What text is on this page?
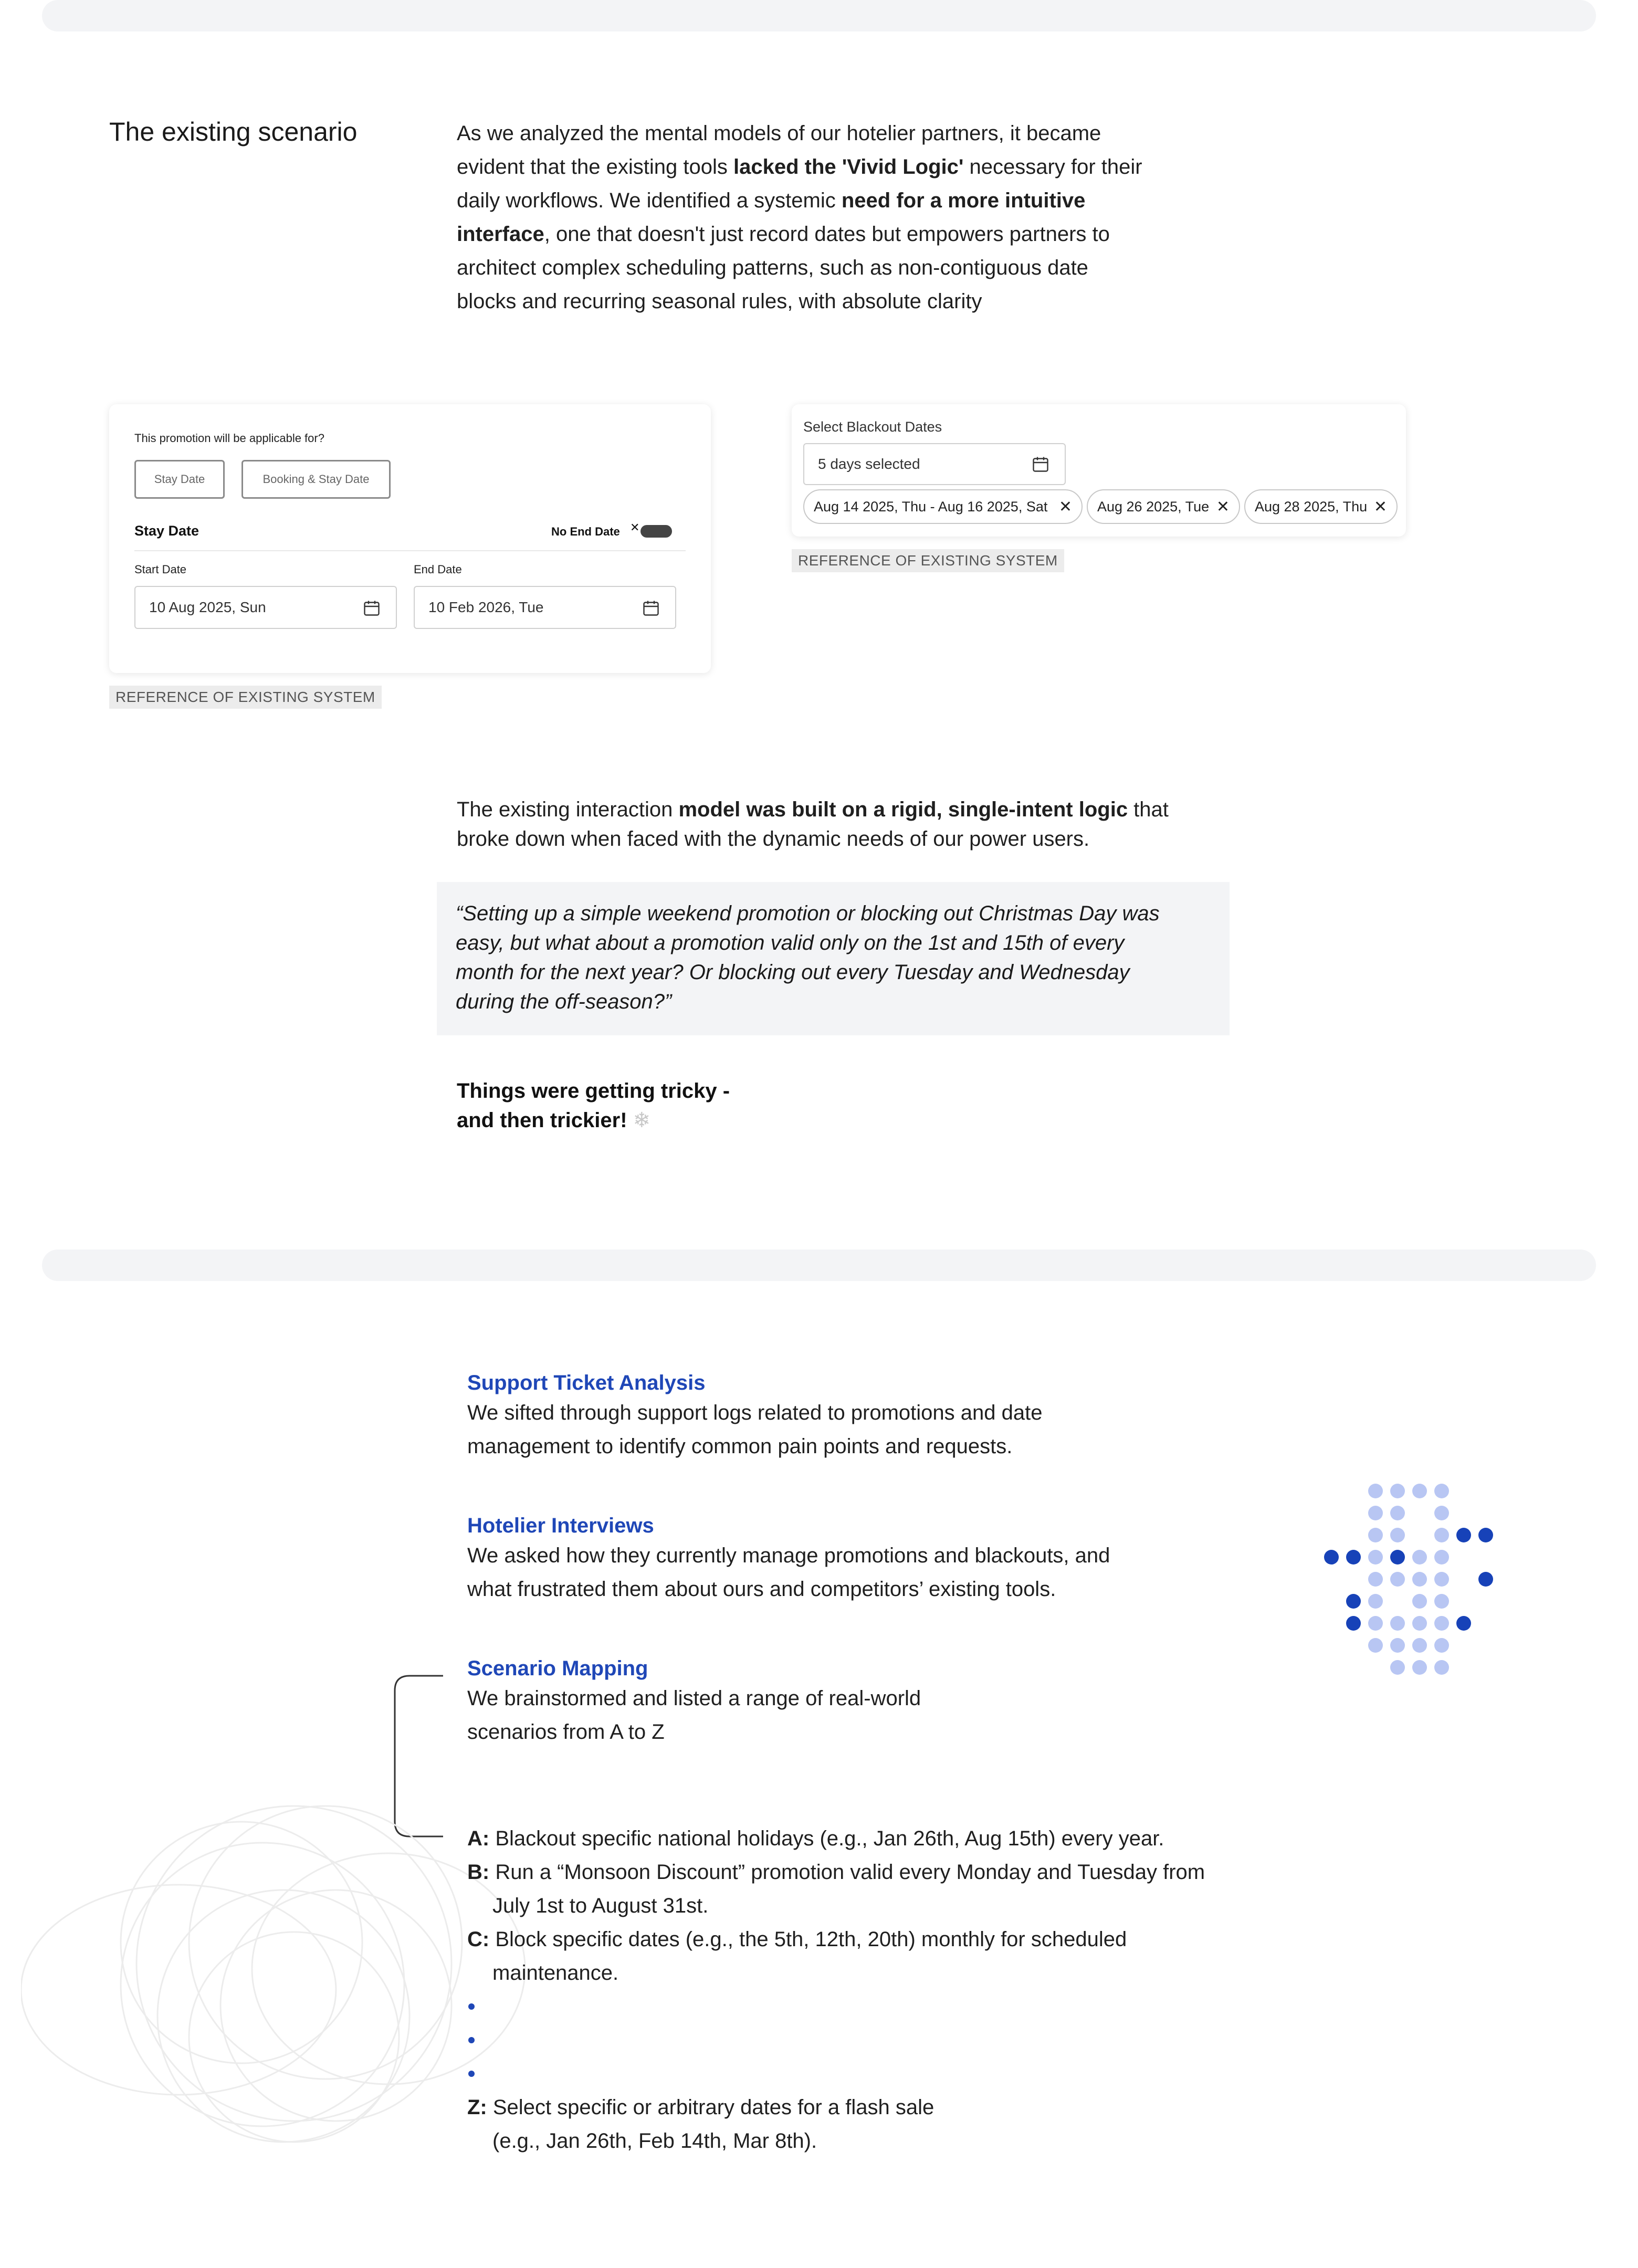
The existing scenario	As we analyzed the mental models of our hotelier partners, it became
evident that the existing tools lacked the 'Vivid Logic' necessary for their
daily workflows. We identified a systemic need for a more intuitive
interface, one that doesn't just record dates but empowers partners to
architect complex scheduling patterns, such as non-contiguous date
blocks and recurring seasonal rules, with absolute clarity
This promotion will be applicable for?
Stay Date	Booking & Stay Date
Stay Date	No End Date ✕
Start Date
10 Aug 2025, Sun
End Date
10 Feb 2026, Tue
REFERENCE OF EXISTING SYSTEM
Select Blackout Dates
5 days selected
Aug 14 2025, Thu - Aug 16 2025, Sat ✕ Aug 26 2025, Tue ✕ Aug 28 2025, Thu ✕
REFERENCE OF EXISTING SYSTEM
The existing interaction model was built on a rigid, single-intent logic that
broke down when faced with the dynamic needs of our power users.
“Setting up a simple weekend promotion or blocking out Christmas Day was
easy, but what about a promotion valid only on the 1st and 15th of every
month for the next year? Or blocking out every Tuesday and Wednesday
during the off-season?”
Things were getting tricky -
and then trickier! ❄
Support Ticket Analysis
We sifted through support logs related to promotions and date
management to identify common pain points and requests.
Hotelier Interviews
We asked how they currently manage promotions and blackouts, and
what frustrated them about ours and competitors’ existing tools.
Scenario Mapping
We brainstormed and listed a range of real-world
scenarios from A to Z
A: Blackout specific national holidays (e.g., Jan 26th, Aug 15th) every year.
B: Run a “Monsoon Discount” promotion valid every Monday and Tuesday from
July 1st to August 31st.
C: Block specific dates (e.g., the 5th, 12th, 20th) monthly for scheduled
maintenance.
Z: Select specific or arbitrary dates for a flash sale
(e.g., Jan 26th, Feb 14th, Mar 8th).
